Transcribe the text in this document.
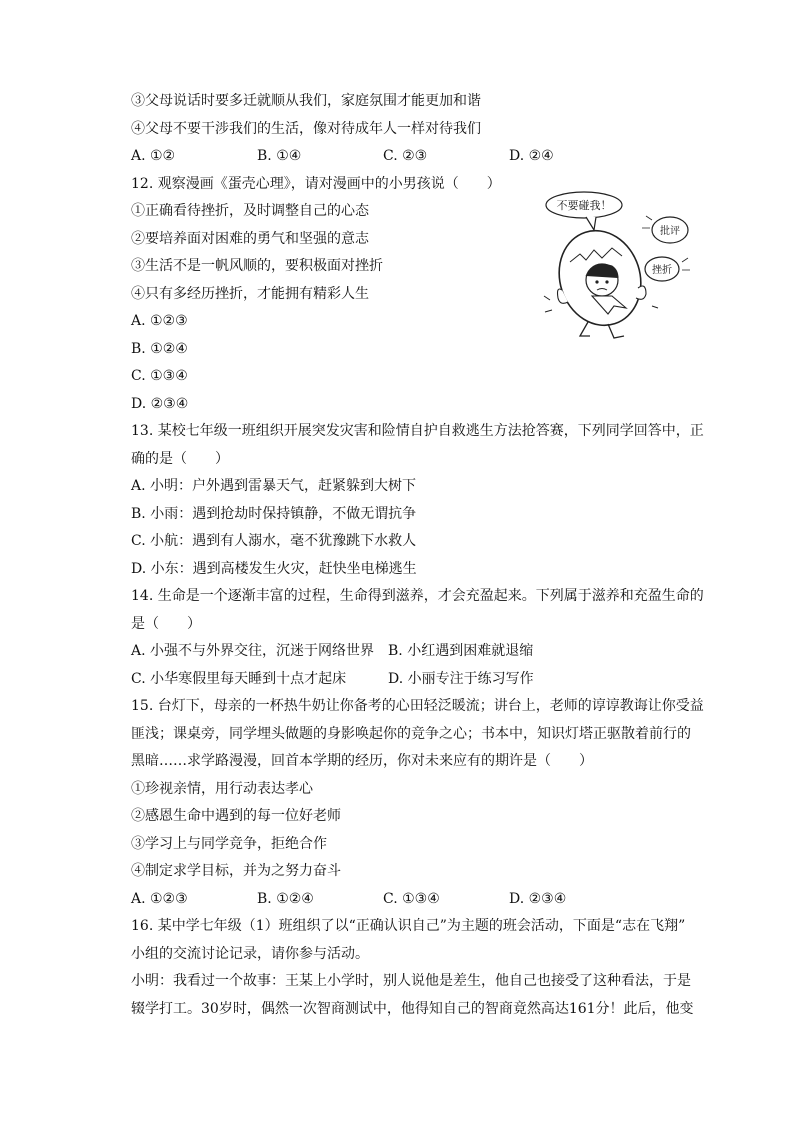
③父母说话时要多迁就顺从我们，家庭氛围才能更加和谐
④父母不要干涉我们的生活，像对待成年人一样对待我们
A. ①②	B. ①④	C. ②③	D. ②④
12. 观察漫画《蛋壳心理》，请对漫画中的小男孩说（　　）
①正确看待挫折，及时调整自己的心态
②要培养面对困难的勇气和坚强的意志
③生活不是一帆风顺的，要积极面对挫折
④只有多经历挫折，才能拥有精彩人生
A. ①②③
B. ①②④
C. ①③④
D. ②③④
13. 某校七年级一班组织开展突发灾害和险情自护自救逃生方法抢答赛，下列同学回答中，正
确的是（　　）
A. 小明：户外遇到雷暴天气，赶紧躲到大树下
B. 小雨：遇到抢劫时保持镇静，不做无谓抗争
C. 小航：遇到有人溺水，毫不犹豫跳下水救人
D. 小东：遇到高楼发生火灾，赶快坐电梯逃生
14. 生命是一个逐渐丰富的过程，生命得到滋养，才会充盈起来。下列属于滋养和充盈生命的
是（　　）
A. 小强不与外界交往，沉迷于网络世界 B. 小红遇到困难就退缩
C. 小华寒假里每天睡到十点才起床	D. 小丽专注于练习写作
15. 台灯下，母亲的一杯热牛奶让你备考的心田轻泛暖流；讲台上，老师的谆谆教诲让你受益
匪浅；课桌旁，同学埋头做题的身影唤起你的竞争之心；书本中，知识灯塔正驱散着前行的
黑暗……求学路漫漫，回首本学期的经历，你对未来应有的期许是（　　）
①珍视亲情，用行动表达孝心
②感恩生命中遇到的每一位好老师
③学习上与同学竞争，拒绝合作
④制定求学目标，并为之努力奋斗
A. ①②③	B. ①②④	C. ①③④	D. ②③④
16. 某中学七年级（1）班组织了以“正确认识自己”为主题的班会活动，下面是“志在飞翔”
小组的交流讨论记录，请你参与活动。
小明：我看过一个故事：王某上小学时，别人说他是差生，他自己也接受了这种看法，于是
辍学打工。30岁时，偶然一次智商测试中，他得知自己的智商竟然高达161分！此后，他变
不要碰我！
批评
挫折
